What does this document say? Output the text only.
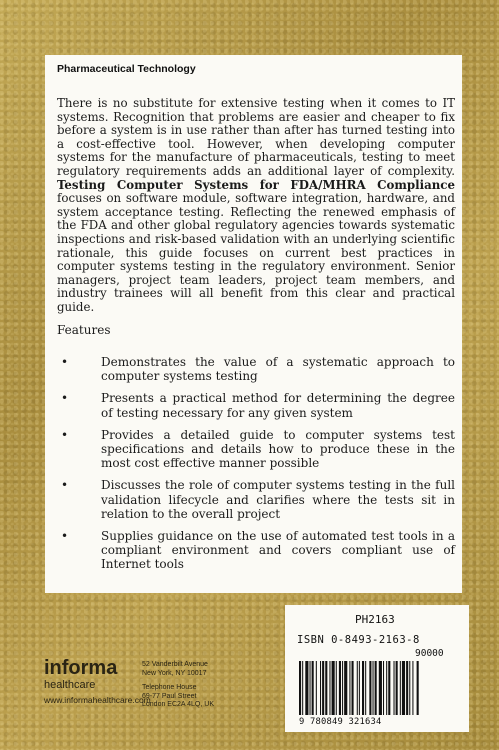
Pharmaceutical Technology

There is no substitute for extensive testing when it comes to IT systems. Recognition that problems are easier and cheaper to fix before a system is in use rather than after has turned testing into a cost-effective tool. However, when developing computer systems for the manufacture of pharmaceuticals, testing to meet regulatory requirements adds an additional layer of complexity. Testing Computer Systems for FDA/MHRA Compliance focuses on software module, software integration, hardware, and system acceptance testing. Reflecting the renewed emphasis of the FDA and other global regulatory agencies towards systematic inspections and risk-based validation with an underlying scientific rationale, this guide focuses on current best practices in computer systems testing in the regulatory environment. Senior managers, project team leaders, project team members, and industry trainees will all benefit from this clear and practical guide.

Features
•	Demonstrates the value of a systematic approach to computer systems testing
•	Presents a practical method for determining the degree of testing necessary for any given system
•	Provides a detailed guide to computer systems test specifications and details how to produce these in the most cost effective manner possible
•	Discusses the role of computer systems testing in the full validation lifecycle and clarifies where the tests sit in relation to the overall project
•	Supplies guidance on the use of automated test tools in a compliant environment and covers compliant use of Internet tools
PH2163
ISBN 0-8493-2163-8
90000
9 780849 321634
informa
healthcare
www.informahealthcare.com
52 Vanderbilt Avenue
New York, NY 10017
Telephone House
69-77 Paul Street
London EC2A 4LQ, UK
